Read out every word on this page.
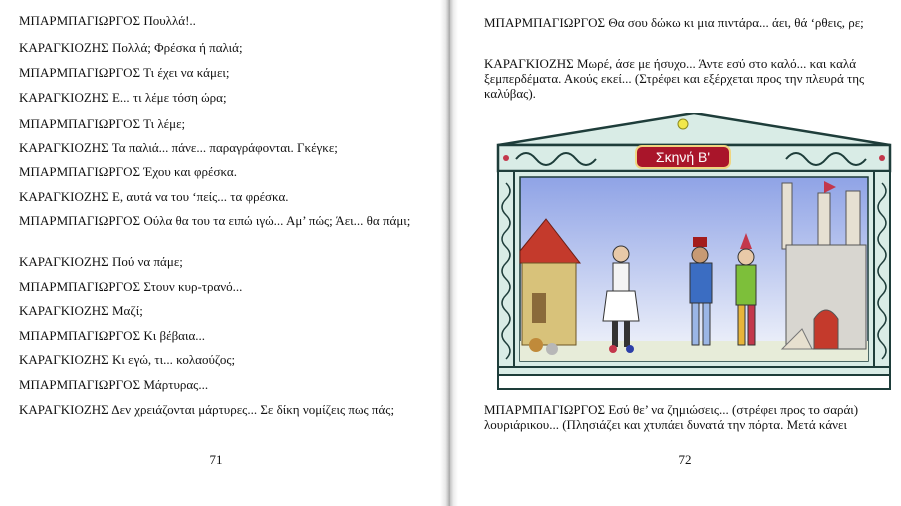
ΜΠΑΡΜΠΑΓΙΩΡΓΟΣ Πουλλά!..
ΚΑΡΑΓΚΙΟΖΗΣ Πολλά; Φρέσκα ή παλιά;
ΜΠΑΡΜΠΑΓΙΩΡΓΟΣ Τι έχει να κάμει;
ΚΑΡΑΓΚΙΟΖΗΣ Ε... τι λέμε τόση ώρα;
ΜΠΑΡΜΠΑΓΙΩΡΓΟΣ Τι λέμε;
ΚΑΡΑΓΚΙΟΖΗΣ Τα παλιά... πάνε... παραγράφονται. Γκέγκε;
ΜΠΑΡΜΠΑΓΙΩΡΓΟΣ Έχου και φρέσκα.
ΚΑΡΑΓΚΙΟΖΗΣ Ε, αυτά να του ‘πείς... τα φρέσκα.
ΜΠΑΡΜΠΑΓΙΩΡΓΟΣ Ούλα θα του τα ειπώ ιγώ... Αμ’ πώς; Άει... θα πάμι;
ΚΑΡΑΓΚΙΟΖΗΣ Πού να πάμε;
ΜΠΑΡΜΠΑΓΙΩΡΓΟΣ Στουν κυρ-τρανό...
ΚΑΡΑΓΚΙΟΖΗΣ Μαζί;
ΜΠΑΡΜΠΑΓΙΩΡΓΟΣ Κι βέβαια...
ΚΑΡΑΓΚΙΟΖΗΣ Κι εγώ, τι... κολαούζος;
ΜΠΑΡΜΠΑΓΙΩΡΓΟΣ Μάρτυρας...
ΚΑΡΑΓΚΙΟΖΗΣ Δεν χρειάζονται μάρτυρες... Σε δίκη νομίζεις πως πάς;
71
ΜΠΑΡΜΠΑΓΙΩΡΓΟΣ Θα σου δώκω κι μια πιντάρα... άει, θά ‘ρθεις, ρε;
ΚΑΡΑΓΚΙΟΖΗΣ Μωρέ, άσε με ήσυχο... Άντε εσύ στο καλό... και καλά ξεμπερδέματα. Ακούς εκεί... (Στρέφει και εξέρχεται προς την πλευρά της καλύβας).
Σκηνή Β'
ΜΠΑΡΜΠΑΓΙΩΡΓΟΣ Εσύ θε’ να ζημιώσεις... (στρέφει προς το σαράι) λουριάρικου... (Πλησιάζει και χτυπάει δυνατά την πόρτα. Μετά κάνει
72
